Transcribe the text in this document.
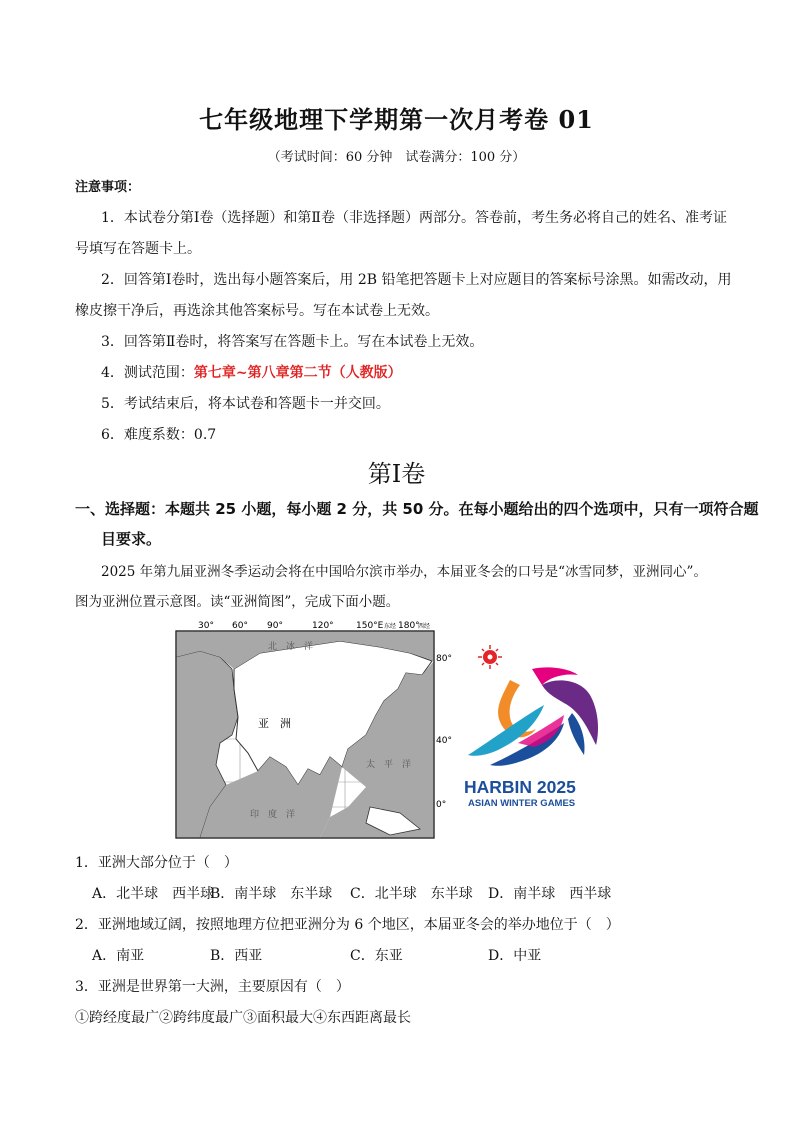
七年级地理下学期第一次月考卷 01
（考试时间：60 分钟　试卷满分：100 分）
注意事项：
1．本试卷分第Ⅰ卷（选择题）和第Ⅱ卷（非选择题）两部分。答卷前，考生务必将自己的姓名、准考证
号填写在答题卡上。
2．回答第Ⅰ卷时，选出每小题答案后，用 2B 铅笔把答题卡上对应题目的答案标号涂黑。如需改动，用
橡皮擦干净后，再选涂其他答案标号。写在本试卷上无效。
3．回答第Ⅱ卷时，将答案写在答题卡上。写在本试卷上无效。
4．测试范围：第七章~第八章第二节（人教版）
5．考试结束后，将本试卷和答题卡一并交回。
6．难度系数：0.7
第Ⅰ卷
一、选择题：本题共 25 小题，每小题 2 分，共 50 分。在每小题给出的四个选项中，只有一项符合题
目要求。
2025 年第九届亚洲冬季运动会将在中国哈尔滨市举办，本届亚冬会的口号是“冰雪同梦，亚洲同心”。
图为亚洲位置示意图。读“亚洲简图”，完成下面小题。
30° 60° 90°	120° 150°E 东经 180°
西经
80°
40°
0°
亚　洲
北　冰　洋
太　平　洋
印　度　洋
HARBIN 2025
ASIAN WINTER GAMES
1．亚洲大部分位于（　）
A．北半球　西半球
B．南半球　东半球 C．北半球　东半球 D．南半球　西半球
2．亚洲地域辽阔，按照地理方位把亚洲分为 6 个地区，本届亚冬会的举办地位于（　）
A．南亚	B．西亚	C．东亚	D．中亚
3．亚洲是世界第一大洲，主要原因有（　）
①跨经度最广②跨纬度最广③面积最大④东西距离最长
